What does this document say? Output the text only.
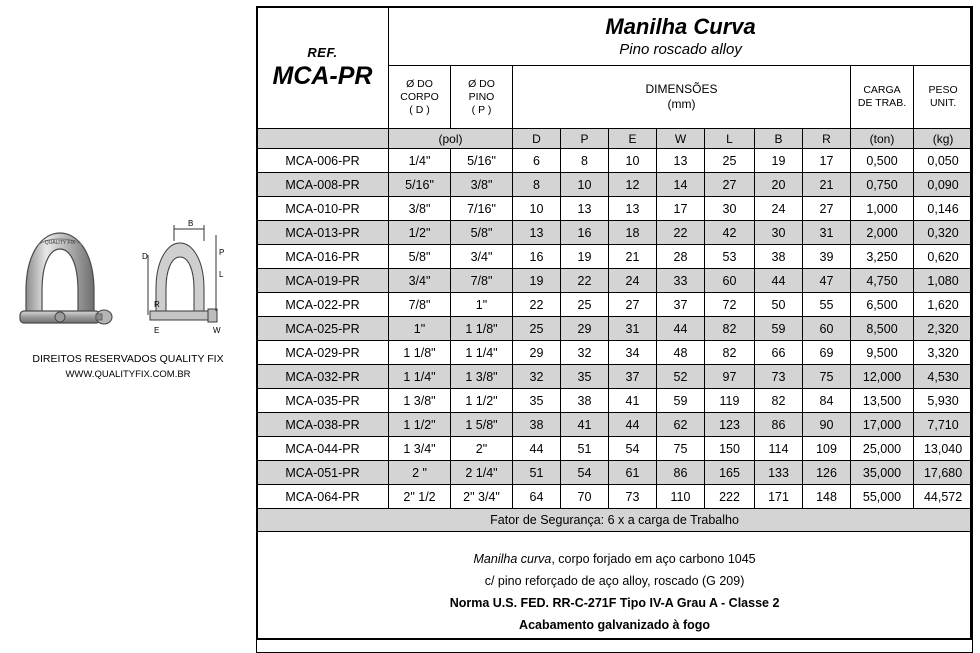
QUALITY FIX
D
B
P
L
E
R
W
DIREITOS RESERVADOS QUALITY FIX
WWW.QUALITYFIX.COM.BR
REF.
MCA-PR

Manilha Curva
Pino roscado alloy

Ø DO
CORPO
( D )

Ø DO
PINO
( P )

DIMENSÕES
(mm)

CARGA
DE TRAB.

PESO
UNIT.

	(pol)		D	P	E	W	L	B	R	(ton)	(kg)
MCA-006-PR	1/4"	5/16"	6	8	10	13	25	19	17	0,500	0,050
MCA-008-PR	5/16"	3/8"	8	10	12	14	27	20	21	0,750	0,090
MCA-010-PR	3/8"	7/16"	10	13	13	17	30	24	27	1,000	0,146
MCA-013-PR	1/2"	5/8"	13	16	18	22	42	30	31	2,000	0,320
MCA-016-PR	5/8"	3/4"	16	19	21	28	53	38	39	3,250	0,620
MCA-019-PR	3/4"	7/8"	19	22	24	33	60	44	47	4,750	1,080
MCA-022-PR	7/8"	1"	22	25	27	37	72	50	55	6,500	1,620
MCA-025-PR	1"	1 1/8"	25	29	31	44	82	59	60	8,500	2,320
MCA-029-PR	1 1/8"	1 1/4"	29	32	34	48	82	66	69	9,500	3,320
MCA-032-PR	1 1/4"	1 3/8"	32	35	37	52	97	73	75	12,000	4,530
MCA-035-PR	1 3/8"	1 1/2"	35	38	41	59	119	82	84	13,500	5,930
MCA-038-PR	1 1/2"	1 5/8"	38	41	44	62	123	86	90	17,000	7,710
MCA-044-PR	1 3/4"	2"	44	51	54	75	150	114	109	25,000	13,040
MCA-051-PR	2 "	2 1/4"	51	54	61	86	165	133	126	35,000	17,680
MCA-064-PR	2" 1/2	2" 3/4"	64	70	73	110	222	171	148	55,000	44,572
Fator de Segurança: 6 x a carga de Trabalho											

Manilha curva, corpo forjado em aço carbono 1045
c/ pino reforçado de aço alloy, roscado (G 209)
Norma U.S. FED. RR-C-271F Tipo IV-A Grau A - Classe 2
Acabamento galvanizado à fogo											
